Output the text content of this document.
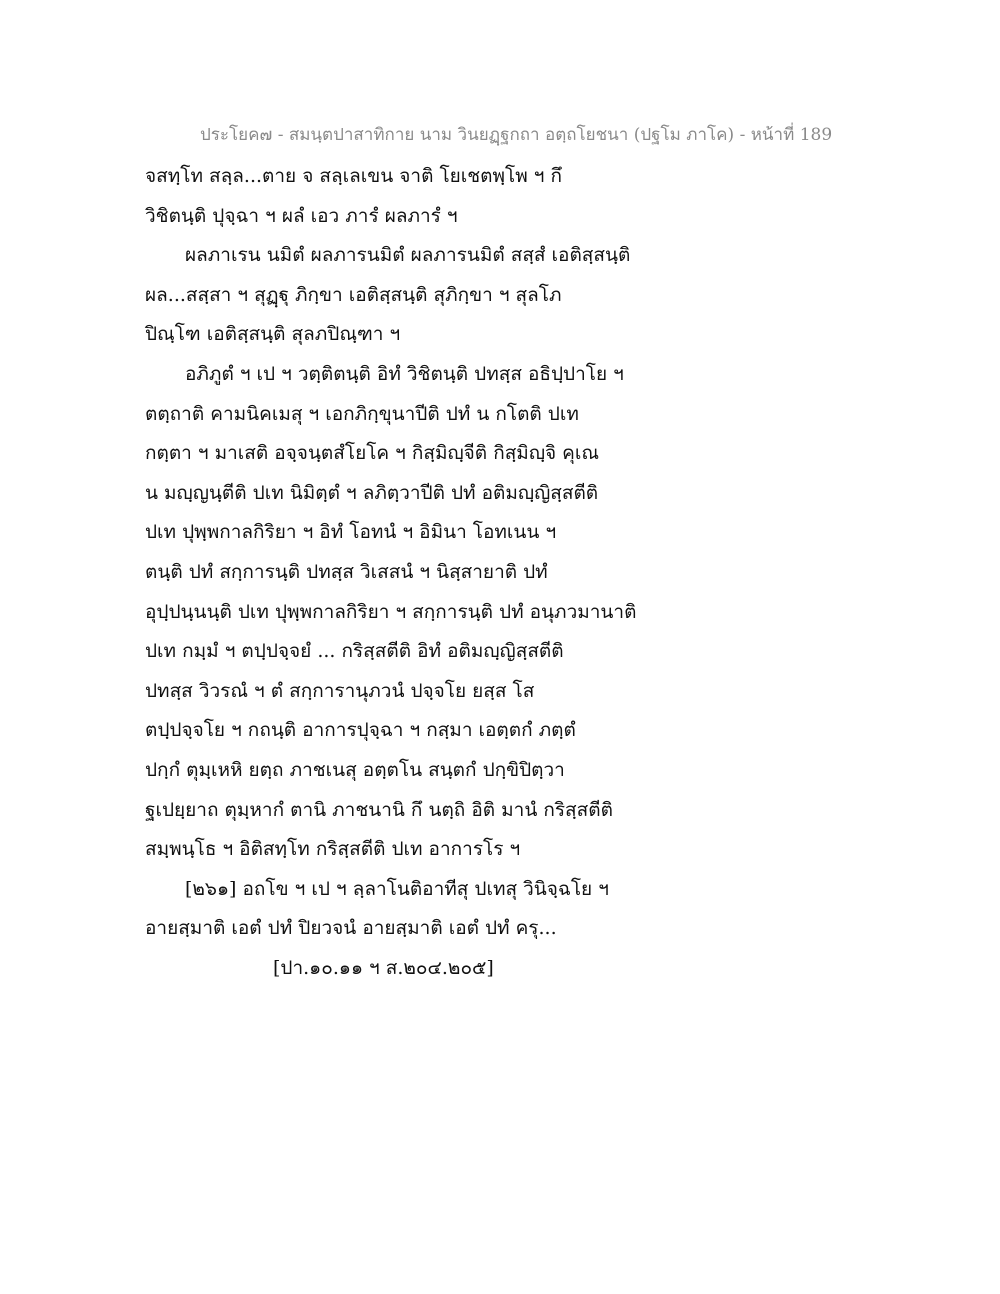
ประโยค๗ - สมนฺตปาสาทิกาย นาม วินยฏฺฐกถา อตฺถโยชนา (ปฐโม ภาโค) - หน้าที่ 189
จสทฺโท สลฺล...ตาย จ สลฺเลเขน จาติ โยเชตพฺโพ ฯ กึ
วิชิตนฺติ ปุจฺฉา ฯ ผลํ เอว ภารํ ผลภารํ ฯ
ผลภาเรน นมิตํ ผลภารนมิตํ ผลภารนมิตํ สสฺสํ เอติสฺสนฺติ
ผล...สสฺสา ฯ สุฏฺฐุ ภิกฺขา เอติสฺสนฺติ สุภิกฺขา ฯ สุลโภ
ปิณฺโฑ เอติสฺสนฺติ สุลภปิณฺฑา ฯ
อภิภูตํ ฯ เป ฯ วตฺติตนฺติ อิทํ วิชิตนฺติ ปทสฺส อธิปฺปาโย ฯ
ตตฺถาติ คามนิคเมสุ ฯ เอกภิกฺขุนาปีติ ปทํ น กโตติ ปเท
กตฺตา ฯ มาเสติ อจฺจนฺตสํโยโค ฯ กิสฺมิญฺจีติ กิสฺมิญฺจิ คุเณ
น มญฺญนฺตีติ ปเท นิมิตฺตํ ฯ ลภิตฺวาปีติ ปทํ อติมญฺญิสฺสตีติ
ปเท ปุพฺพกาลกิริยา ฯ อิทํ โอทนํ ฯ อิมินา โอทเนน ฯ
ตนฺติ ปทํ สกฺการนฺติ ปทสฺส วิเสสนํ ฯ นิสฺสายาติ ปทํ
อุปฺปนฺนนฺติ ปเท ปุพฺพกาลกิริยา ฯ สกฺการนฺติ ปทํ อนุภวมานาติ
ปเท กมฺมํ ฯ ตปฺปจฺจยํ ... กริสฺสตีติ อิทํ อติมญฺญิสฺสตีติ
ปทสฺส วิวรณํ ฯ ตํ สกฺการานุภวนํ ปจฺจโย ยสฺส โส
ตปฺปจฺจโย ฯ กถนฺติ อาการปุจฺฉา ฯ กสฺมา เอตฺตกํ ภตฺตํ
ปกฺกํ ตุมฺเหหิ ยตฺถ ภาชเนสุ อตฺตโน สนฺตกํ ปกฺขิปิตฺวา
ฐเปยฺยาถ ตุมฺหากํ ตานิ ภาชนานิ กึ นตฺถิ อิติ มานํ กริสฺสตีติ
สมฺพนฺโธ ฯ อิติสทฺโท กริสฺสตีติ ปเท อาการโร ฯ
[๒๖๑] อถโข ฯ เป ฯ ลฺลาโนติอาทีสุ ปเทสุ วินิจฺฉโย ฯ
อายสฺมาติ เอตํ ปทํ ปิยวจนํ อายสฺมาติ เอตํ ปทํ ครุ...
[ปา.๑๐.๑๑ ฯ ส.๒๐๔.๒๐๕]
